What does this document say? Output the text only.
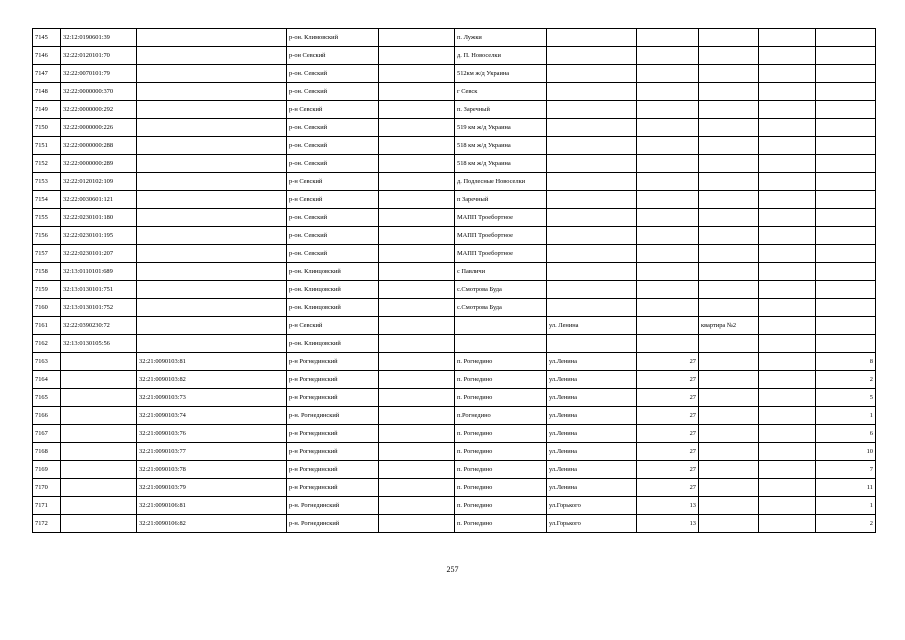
7145	32:12:0190601:39		р-он. Климовский		п. Лужки					
7146	32:22:0120101:70		р-он Севский		д. П. Новоселки					
7147	32:22:0070101:79		р-он. Севский		512км ж/д Украина					
7148	32:22:0000000:370		р-он. Севский		г Севск					
7149	32:22:0000000:292		р-н Севский		п. Заречный					
7150	32:22:0000000:226		р-он. Севский		519 км ж/д Украина					
7151	32:22:0000000:288		р-он. Севский		518 км ж/д Украина					
7152	32:22:0000000:289		р-он. Севский		518 км ж/д Украина					
7153	32:22:0120102:109		р-н Севский		д. Подлесные Новоселки					
7154	32:22:0030601:121		р-н Севский		п Заречный					
7155	32:22:0230101:180		р-он. Севский		МАПП Троебортное					
7156	32:22:0230101:195		р-он. Севский		МАПП Троебортное					
7157	32:22:0230101:207		р-он. Севский		МАПП Троебортное					
7158	32:13:0110101:689		р-он. Клинцовский		с Павличи					
7159	32:13:0130101:751		р-он. Клинцовский		с.Смотрова Буда					
7160	32:13:0130101:752		р-он. Клинцовский		с.Смотрова Буда					
7161	32:22:0390230:72		р-н Севский			ул. Ленина		квартира №2		
7162	32:13:0130105:56		р-он. Клинцовский							
7163		32:21:0090103:81	р-н Рогнединский		п. Рогнедино	ул.Ленина	27			8
7164		32:21:0090103:82	р-н Рогнединский		п. Рогнедино	ул.Ленина	27			2
7165		32:21:0090103:73	р-н Рогнединский		п. Рогнедино	ул.Ленина	27			5
7166		32:21:0090103:74	р-н. Рогнединский		п.Рогнедино	ул.Ленина	27			1
7167		32:21:0090103:76	р-н Рогнединский		п. Рогнедино	ул.Ленина	27			6
7168		32:21:0090103:77	р-н Рогнединский		п. Рогнедино	ул.Ленина	27			10
7169		32:21:0090103:78	р-н Рогнединский		п. Рогнедино	ул.Ленина	27			7
7170		32:21:0090103:79	р-н Рогнединский		п. Рогнедино	ул.Ленина	27			11
7171		32:21:0090106:81	р-н. Рогнединский		п. Рогнедино	ул.Горького	13			1
7172		32:21:0090106:82	р-н. Рогнединский		п. Рогнедино	ул.Горького	13			2
257
